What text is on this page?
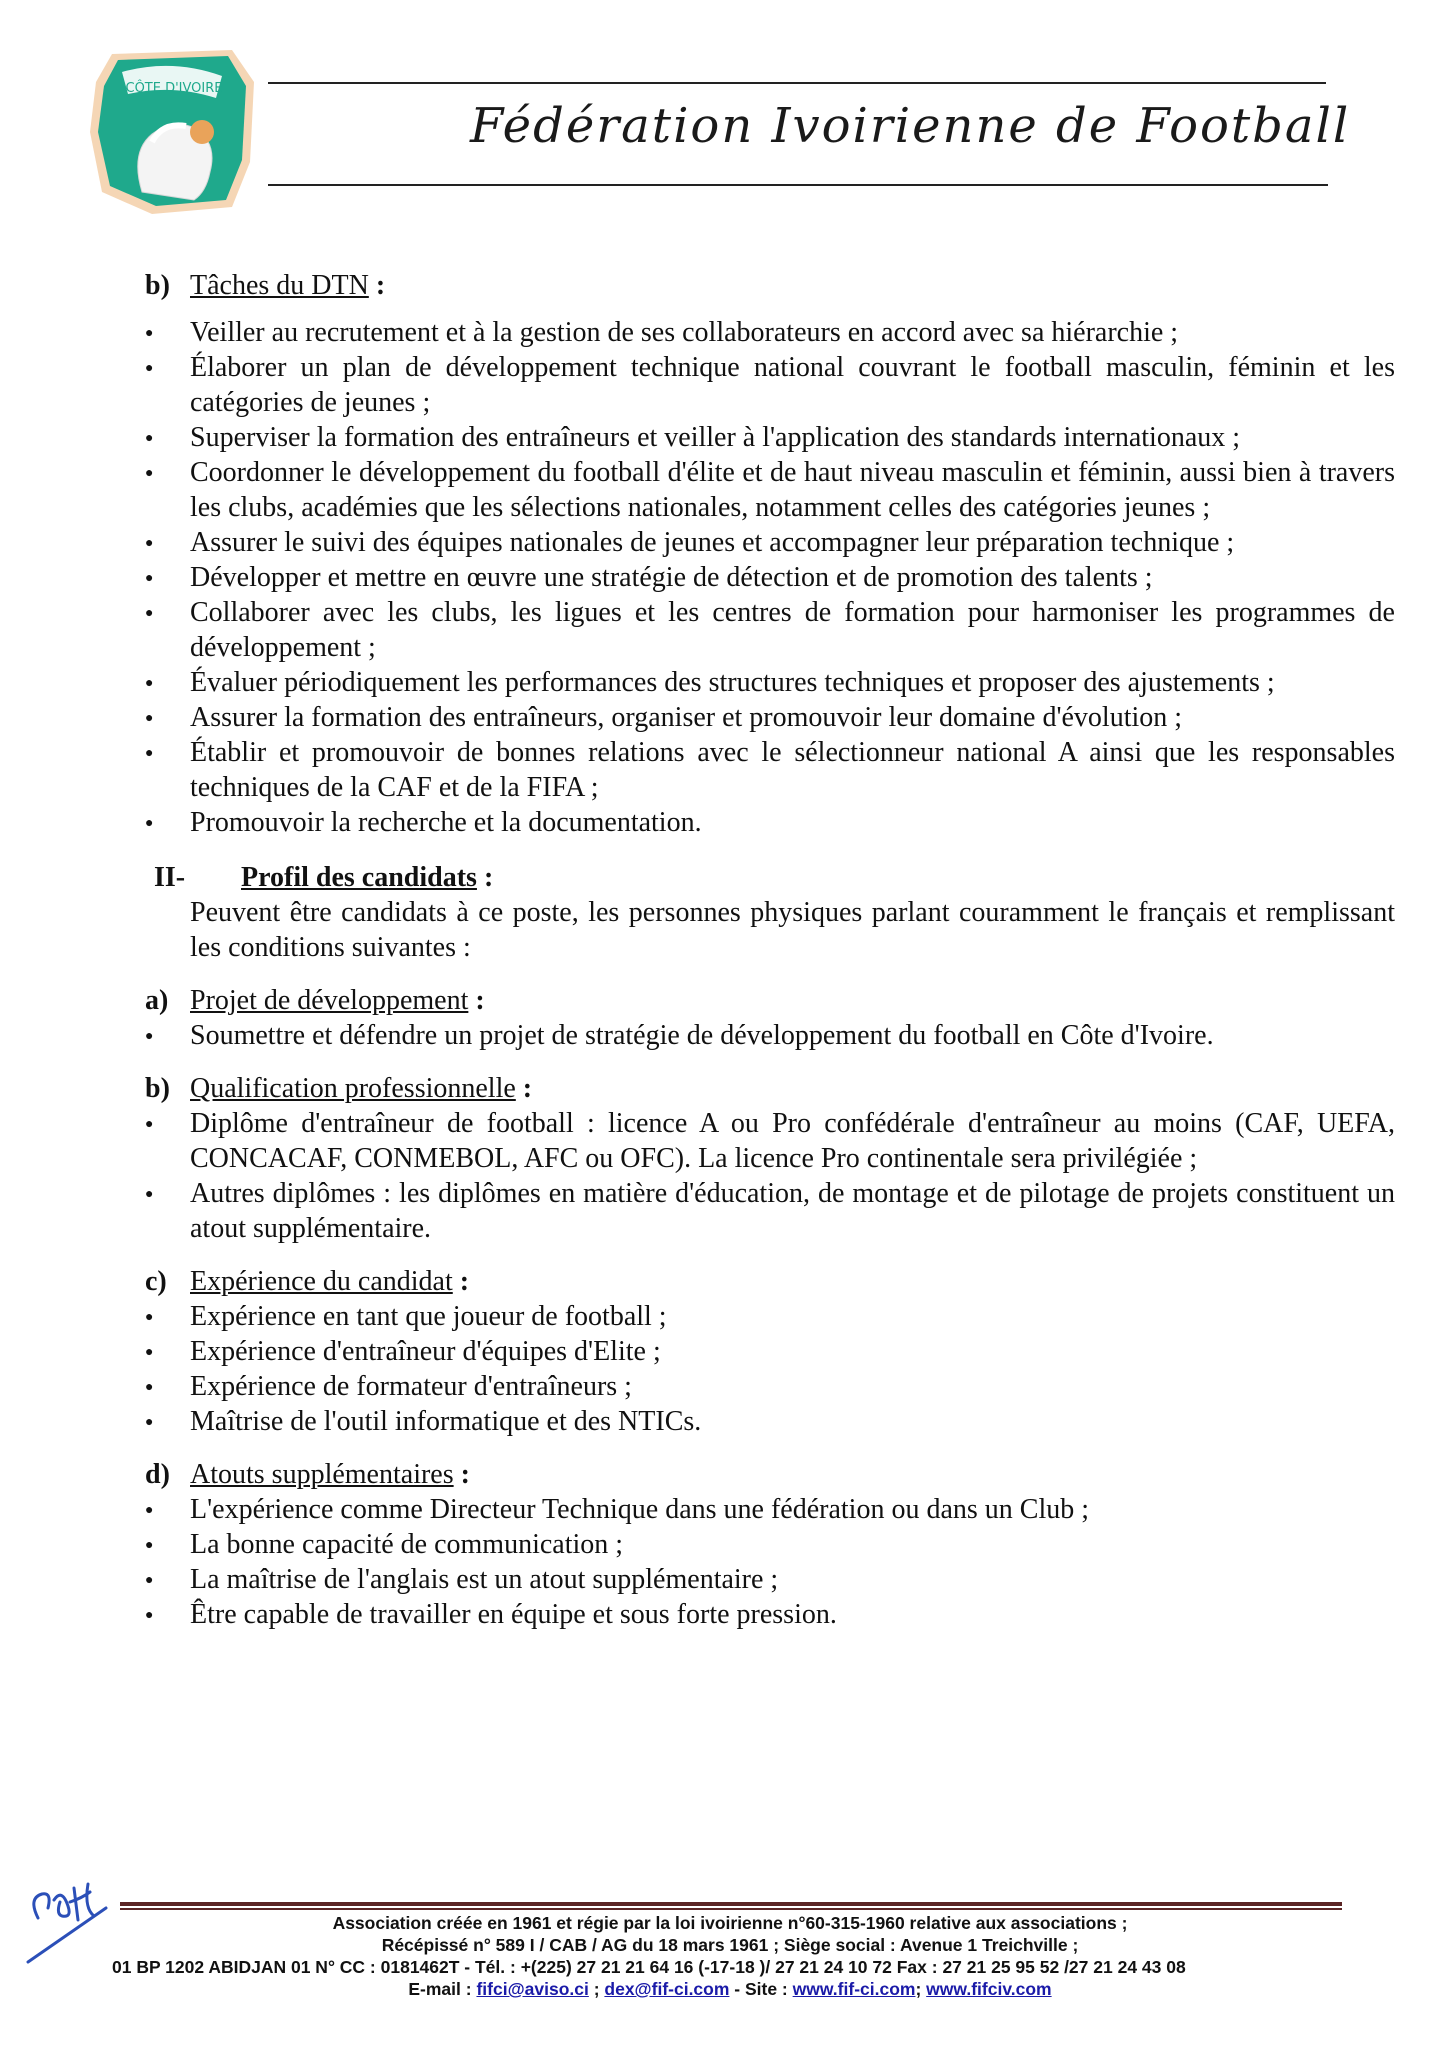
CÔTE D'IVOIRE
Fédération Ivoirienne de Football
b) Tâches du DTN :
● Veiller au recrutement et à la gestion de ses collaborateurs en accord avec sa hiérarchie ;
● Élaborer un plan de développement technique national couvrant le football masculin, féminin et les catégories de jeunes ;
● Superviser la formation des entraîneurs et veiller à l'application des standards internationaux ;
● Coordonner le développement du football d'élite et de haut niveau masculin et féminin, aussi bien à travers les clubs, académies que les sélections nationales, notamment celles des catégories jeunes ;
● Assurer le suivi des équipes nationales de jeunes et accompagner leur préparation technique ;
● Développer et mettre en œuvre une stratégie de détection et de promotion des talents ;
● Collaborer avec les clubs, les ligues et les centres de formation pour harmoniser les programmes de développement ;
● Évaluer périodiquement les performances des structures techniques et proposer des ajustements ;
● Assurer la formation des entraîneurs, organiser et promouvoir leur domaine d'évolution ;
● Établir et promouvoir de bonnes relations avec le sélectionneur national A ainsi que les responsables techniques de la CAF et de la FIFA ;
● Promouvoir la recherche et la documentation.
II- Profil des candidats :
Peuvent être candidats à ce poste, les personnes physiques parlant couramment le français et remplissant les conditions suivantes :
a) Projet de développement :
● Soumettre et défendre un projet de stratégie de développement du football en Côte d'Ivoire.
b) Qualification professionnelle :
● Diplôme d'entraîneur de football : licence A ou Pro confédérale d'entraîneur au moins (CAF, UEFA, CONCACAF, CONMEBOL, AFC ou OFC). La licence Pro continentale sera privilégiée ;
● Autres diplômes : les diplômes en matière d'éducation, de montage et de pilotage de projets constituent un atout supplémentaire.
c) Expérience du candidat :
● Expérience en tant que joueur de football ;
● Expérience d'entraîneur d'équipes d'Elite ;
● Expérience de formateur d'entraîneurs ;
● Maîtrise de l'outil informatique et des NTICs.
d) Atouts supplémentaires :
● L'expérience comme Directeur Technique dans une fédération ou dans un Club ;
● La bonne capacité de communication ;
● La maîtrise de l'anglais est un atout supplémentaire ;
● Être capable de travailler en équipe et sous forte pression.
Association créée en 1961 et régie par la loi ivoirienne n°60-315-1960 relative aux associations ;
Récépissé n° 589 I / CAB / AG du 18 mars 1961 ; Siège social : Avenue 1 Treichville ;
01 BP 1202 ABIDJAN 01 N° CC : 0181462T - Tél. : +(225) 27 21 21 64 16 (-17-18 )/ 27 21 24 10 72 Fax : 27 21 25 95 52 /27 21 24 43 08
E-mail : fifci@aviso.ci ; dex@fif-ci.com - Site : www.fif-ci.com; www.fifciv.com
